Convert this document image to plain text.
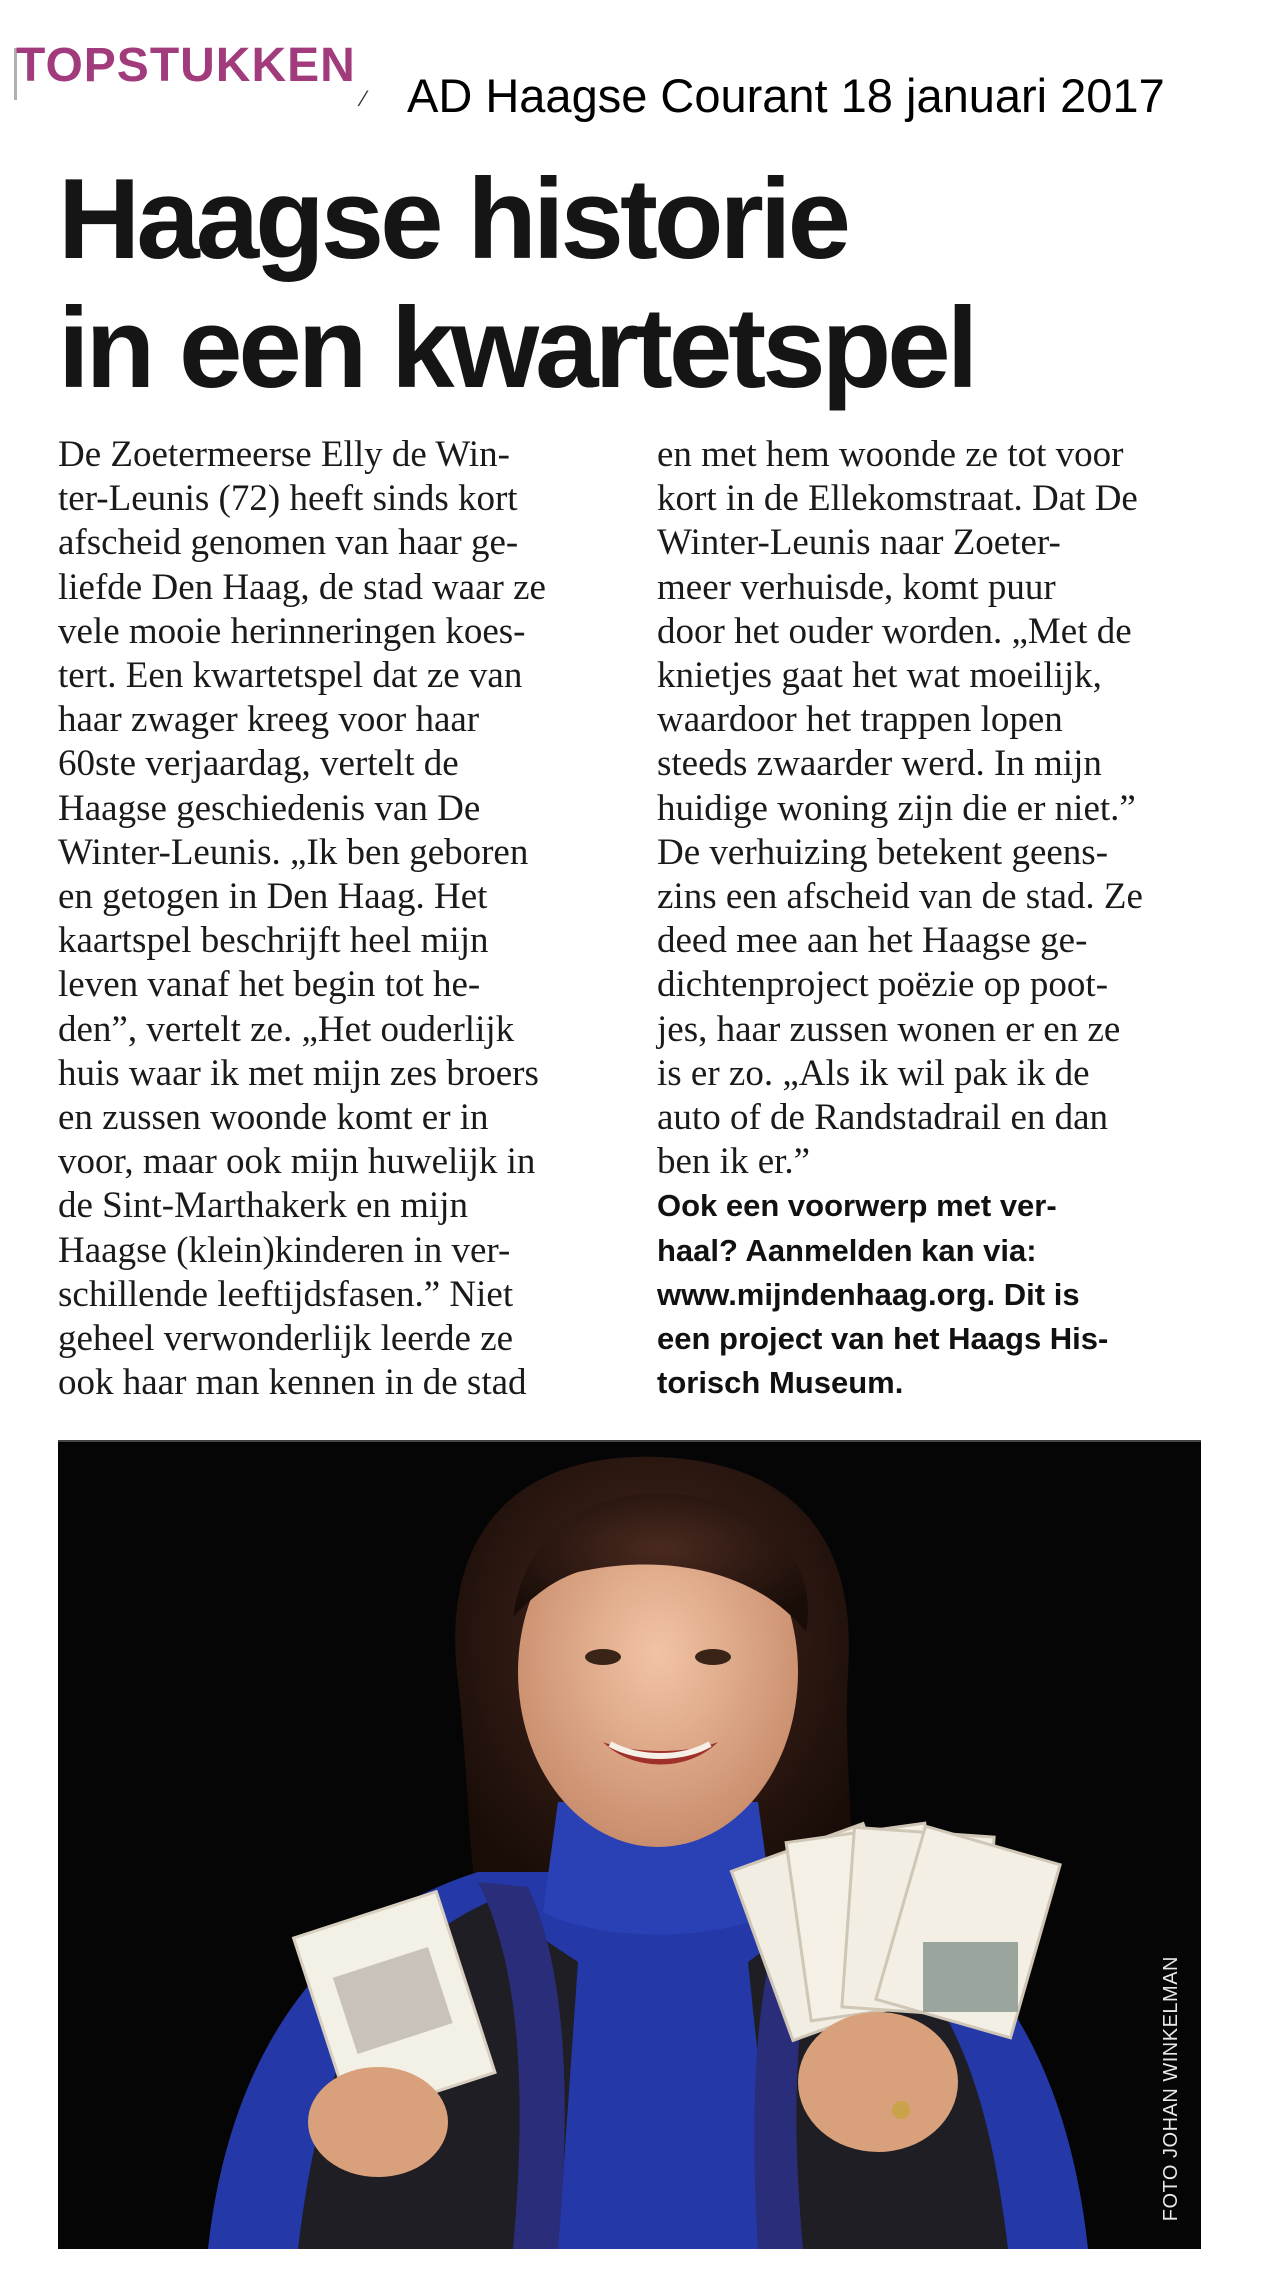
TOPSTUKKEN
⁄ AD Haagse Courant 18 januari 2017
Haagse historie
in een kwartetspel
De Zoetermeerse Elly de Win-
ter-Leunis (72) heeft sinds kort
afscheid genomen van haar ge-
liefde Den Haag, de stad waar ze
vele mooie herinneringen koes-
tert. Een kwartetspel dat ze van
haar zwager kreeg voor haar
60ste verjaardag, vertelt de
Haagse geschiedenis van De
Winter-Leunis. „Ik ben geboren
en getogen in Den Haag. Het
kaartspel beschrijft heel mijn
leven vanaf het begin tot he-
den”, vertelt ze. „Het ouderlijk
huis waar ik met mijn zes broers
en zussen woonde komt er in
voor, maar ook mijn huwelijk in
de Sint-Marthakerk en mijn
Haagse (klein)kinderen in ver-
schillende leeftijdsfasen.” Niet
geheel verwonderlijk leerde ze
ook haar man kennen in de stad
en met hem woonde ze tot voor
kort in de Ellekomstraat. Dat De
Winter-Leunis naar Zoeter-
meer verhuisde, komt puur
door het ouder worden. „Met de
knietjes gaat het wat moeilijk,
waardoor het trappen lopen
steeds zwaarder werd. In mijn
huidige woning zijn die er niet.”
De verhuizing betekent geens-
zins een afscheid van de stad. Ze
deed mee aan het Haagse ge-
dichtenproject poëzie op poot-
jes, haar zussen wonen er en ze
is er zo. „Als ik wil pak ik de
auto of de Randstadrail en dan
ben ik er.”
Ook een voorwerp met ver-
haal? Aanmelden kan via:
www.mijndenhaag.org. Dit is
een project van het Haags His-
torisch Museum.
FOTO JOHAN WINKELMAN
